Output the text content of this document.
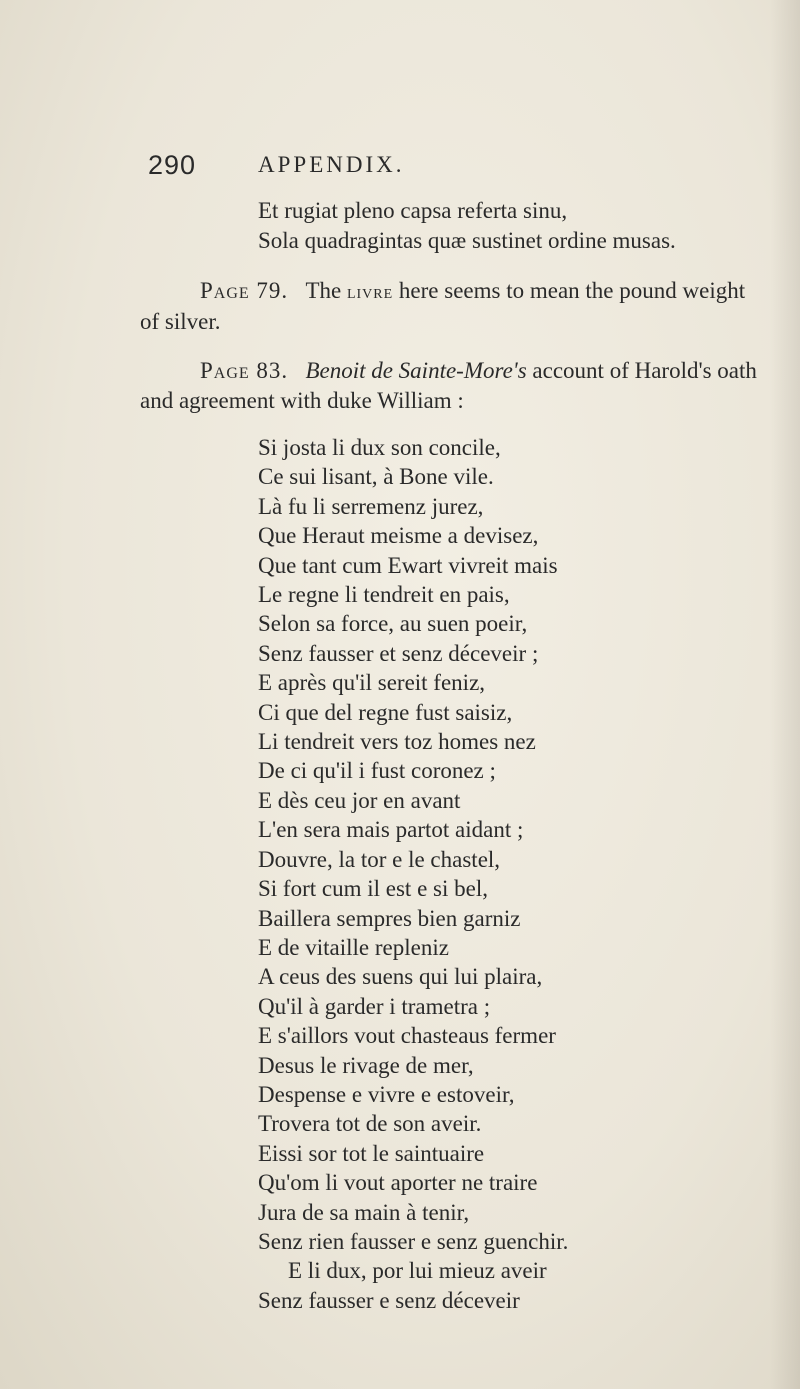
290	APPENDIX.
Et rugiat pleno capsa referta sinu,
Sola quadragintas quæ sustinet ordine musas.
Page 79. The livre here seems to mean the pound weight
of silver.
Page 83. Benoit de Sainte-More's account of Harold's oath
and agreement with duke William :
Si josta li dux son concile,
Ce sui lisant, à Bone vile.
Là fu li serremenz jurez,
Que Heraut meisme a devisez,
Que tant cum Ewart vivreit mais
Le regne li tendreit en pais,
Selon sa force, au suen poeir,
Senz fausser et senz déceveir ;
E après qu'il sereit feniz,
Ci que del regne fust saisiz,
Li tendreit vers toz homes nez
De ci qu'il i fust coronez ;
E dès ceu jor en avant
L'en sera mais partot aidant ;
Douvre, la tor e le chastel,
Si fort cum il est e si bel,
Baillera sempres bien garniz
E de vitaille repleniz
A ceus des suens qui lui plaira,
Qu'il à garder i trametra ;
E s'aillors vout chasteaus fermer
Desus le rivage de mer,
Despense e vivre e estoveir,
Trovera tot de son aveir.
Eissi sor tot le saintuaire
Qu'om li vout aporter ne traire
Jura de sa main à tenir,
Senz rien fausser e senz guenchir.
E li dux, por lui mieuz aveir
Senz fausser e senz déceveir
